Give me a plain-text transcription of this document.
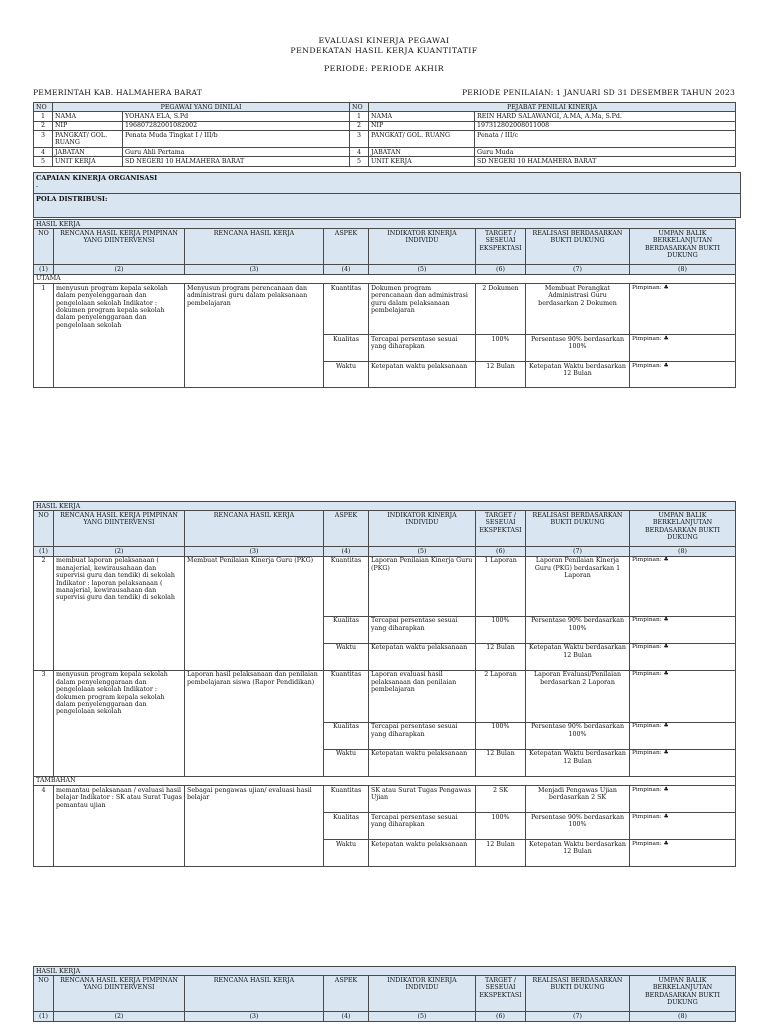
EVALUASI KINERJA PEGAWAI
PENDEKATAN HASIL KERJA KUANTITATIF
PERIODE: PERIODE AKHIR
PEMERINTAH KAB. HALMAHERA BARAT	PERIODE PENILAIAN: 1 JANUARI SD 31 DESEMBER TAHUN 2023
NO	PEGAWAI YANG DINILAI		NO	PEJABAT PENILAI KINERJA	
1	NAMA	YOHANA ELA, S.Pd	1	NAMA	REIN HARD SALAWANGI, A.MA, A.Ma, S.Pd.
2	NIP	196807282001082002	2	NIP	197312802008011008
3	PANGKAT/ GOL. RUANG	Penata Muda Tingkat I / III/b	3	PANGKAT/ GOL. RUANG	Penata / III/c
4	JABATAN	Guru Ahli Pertama	4	JABATAN	Guru Muda
5	UNIT KERJA	SD NEGERI 10 HALMAHERA BARAT	5	UNIT KERJA	SD NEGERI 10 HALMAHERA BARAT
CAPAIAN KINERJA ORGANISASI
-
POLA DISTRIBUSI:
HASIL KERJA							
NO	RENCANA HASIL KERJA PIMPINAN YANG DIINTERVENSI	RENCANA HASIL KERJA	ASPEK	INDIKATOR KINERJA INDIVIDU	TARGET / SESEUAI EKSPEKTASI	REALISASI BERDASARKAN BUKTI DUKUNG	UMPAN BALIK BERKELANJUTAN BERDASARKAN BUKTI DUKUNG
(1)	(2)	(3)	(4)	(5)	(6)	(7)	(8)
UTAMA							
1	menyusun program kepala sekolah dalam penyelenggaraan dan pengelolaan sekolah Indikator : dokumen program kepala sekolah dalam penyelenggaraan dan pengelolaan sekolah	Menyusun program perencanaan dan administrasi guru dalam pelaksanaan pembelajaran	Kuantitas	Dokumen program perencanaan dan administrasi guru dalam pelaksanaan pembelajaran	2 Dokumen	Membuat Perangkat Administrasi Guru berdasarkan 2 Dokumen	Pimpinan: ♣
			Kualitas	Tercapai persentase sesuai yang diharapkan	100%	Persentase 90% berdasarkan 100%	Pimpinan: ♣
			Waktu	Ketepatan waktu pelaksanaan	12 Bulan	Ketepatan Waktu berdasarkan 12 Bulan	Pimpinan: ♣
HASIL KERJA							
NO	RENCANA HASIL KERJA PIMPINAN YANG DIINTERVENSI	RENCANA HASIL KERJA	ASPEK	INDIKATOR KINERJA INDIVIDU	TARGET / SESEUAI EKSPEKTASI	REALISASI BERDASARKAN BUKTI DUKUNG	UMPAN BALIK BERKELANJUTAN BERDASARKAN BUKTI DUKUNG
(1)	(2)	(3)	(4)	(5)	(6)	(7)	(8)
2	membuat laporan pelaksanaan ( manajerial, kewirausahaan dan supervisi guru dan tendik) di sekolah Indikator : laporan pelaksanaan ( manajerial, kewirausahaan dan supervisi guru dan tendik) di sekolah	Membuat Penilaian Kinerja Guru (PKG)	Kuantitas	Laporan Penilaian Kinerja Guru (PKG)	1 Laporan	Laporan Penilaian Kinerja Guru (PKG) berdasarkan 1 Laporan	Pimpinan: ♣
			Kualitas	Tercapai persentase sesuai yang diharapkan	100%	Persentase 90% berdasarkan 100%	Pimpinan: ♣
			Waktu	Ketepatan waktu pelaksanaan	12 Bulan	Ketepatan Waktu berdasarkan 12 Bulan	Pimpinan: ♣
3	menyusun program kepala sekolah dalam penyelenggaraan dan pengelolaan sekolah Indikator : dokumen program kepala sekolah dalam penyelenggaraan dan pengelolaan sekolah	Laporan hasil pelaksanaan dan penilaian pembelajaran siswa (Rapor Pendidikan)	Kuantitas	Laporan evaluasi hasil pelaksanaan dan penilaian pembelajaran	2 Laporan	Laporan Evaluasi/Penilaian berdasarkan 2 Laporan	Pimpinan: ♣
			Kualitas	Tercapai persentase sesuai yang diharapkan	100%	Persentase 90% berdasarkan 100%	Pimpinan: ♣
			Waktu	Ketepatan waktu pelaksanaan	12 Bulan	Ketepatan Waktu berdasarkan 12 Bulan	Pimpinan: ♣
TAMBAHAN							
4	memantau pelaksanaan / evaluasi hasil belajar Indikator : SK atau Surat Tugas pemantau ujian	Sebagai pengawas ujian/ evaluasi hasil belajar	Kuantitas	SK atau Surat Tugas Pengawas Ujian	2 SK	Menjadi Pengawas Ujian berdasarkan 2 SK	Pimpinan: ♣
			Kualitas	Tercapai persentase sesuai yang diharapkan	100%	Persentase 90% berdasarkan 100%	Pimpinan: ♣
			Waktu	Ketepatan waktu pelaksanaan	12 Bulan	Ketepatan Waktu berdasarkan 12 Bulan	Pimpinan: ♣
HASIL KERJA							
NO	RENCANA HASIL KERJA PIMPINAN YANG DIINTERVENSI	RENCANA HASIL KERJA	ASPEK	INDIKATOR KINERJA INDIVIDU	TARGET / SESEUAI EKSPEKTASI	REALISASI BERDASARKAN BUKTI DUKUNG	UMPAN BALIK BERKELANJUTAN BERDASARKAN BUKTI DUKUNG
(1)	(2)	(3)	(4)	(5)	(6)	(7)	(8)
